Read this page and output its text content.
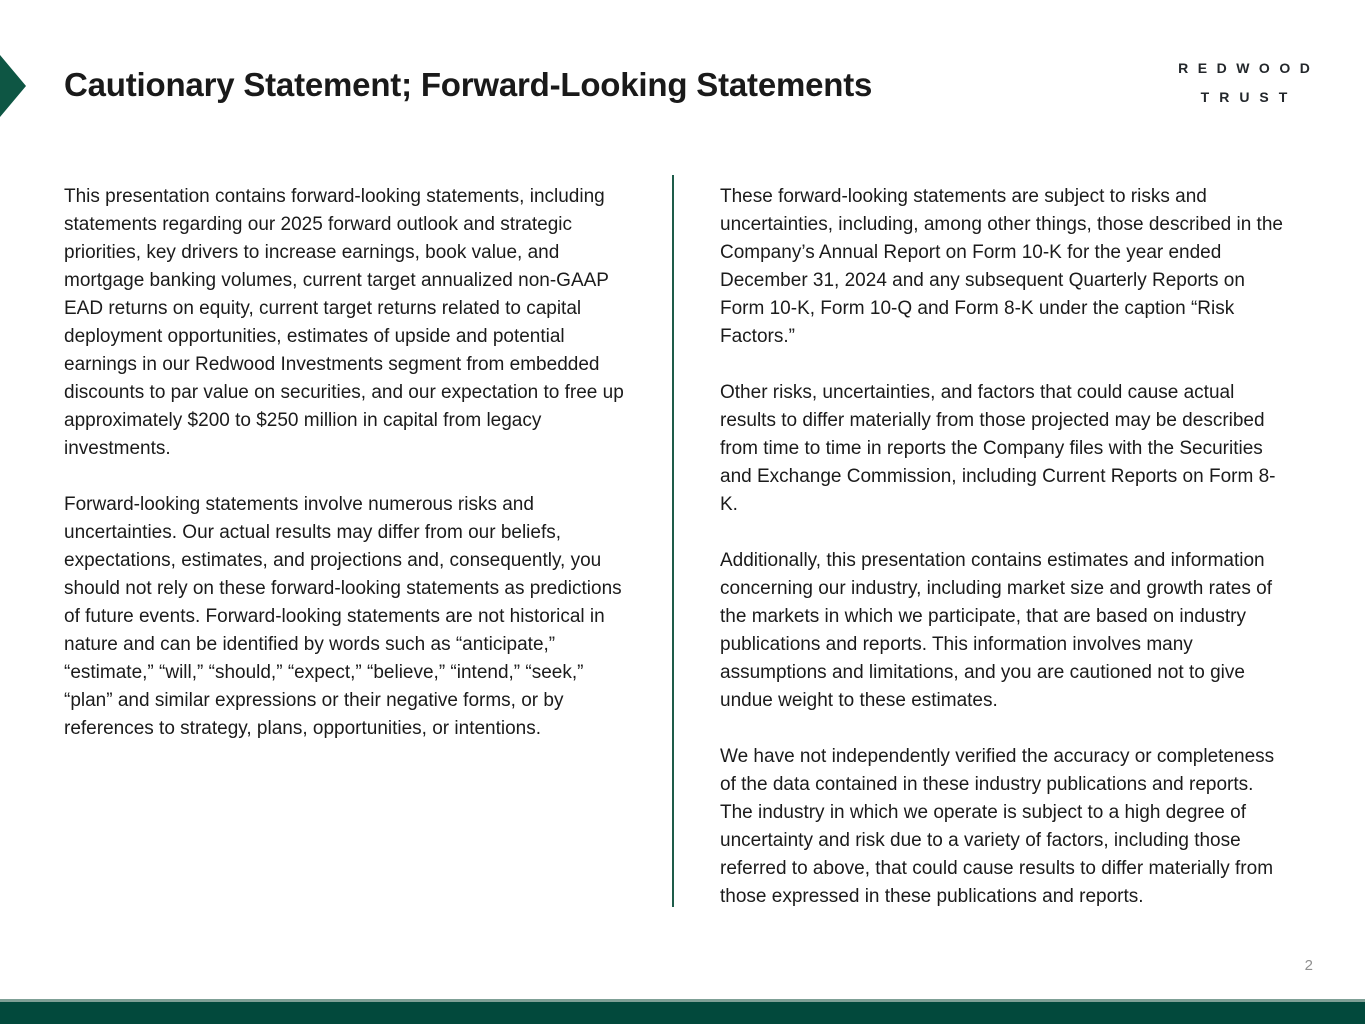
Cautionary Statement; Forward-Looking Statements	REDWOOD
TRUST

This presentation contains forward-looking statements, including statements regarding our 2025 forward outlook and strategic priorities, key drivers to increase earnings, book value, and mortgage banking volumes, current target annualized non-GAAP EAD returns on equity, current target returns related to capital deployment opportunities, estimates of upside and potential earnings in our Redwood Investments segment from embedded discounts to par value on securities, and our expectation to free up approximately $200 to $250 million in capital from legacy investments.

Forward-looking statements involve numerous risks and uncertainties. Our actual results may differ from our beliefs, expectations, estimates, and projections and, consequently, you should not rely on these forward-looking statements as predictions of future events. Forward-looking statements are not historical in nature and can be identified by words such as “anticipate,” “estimate,” “will,” “should,” “expect,” “believe,” “intend,” “seek,” “plan” and similar expressions or their negative forms, or by references to strategy, plans, opportunities, or intentions.

These forward-looking statements are subject to risks and uncertainties, including, among other things, those described in the Company’s Annual Report on Form 10-K for the year ended December 31, 2024 and any subsequent Quarterly Reports on Form 10-K, Form 10-Q and Form 8-K under the caption “Risk Factors.”

Other risks, uncertainties, and factors that could cause actual results to differ materially from those projected may be described from time to time in reports the Company files with the Securities and Exchange Commission, including Current Reports on Form 8-K.

Additionally, this presentation contains estimates and information concerning our industry, including market size and growth rates of the markets in which we participate, that are based on industry publications and reports. This information involves many assumptions and limitations, and you are cautioned not to give undue weight to these estimates.

We have not independently verified the accuracy or completeness of the data contained in these industry publications and reports. The industry in which we operate is subject to a high degree of uncertainty and risk due to a variety of factors, including those referred to above, that could cause results to differ materially from those expressed in these publications and reports.

2
